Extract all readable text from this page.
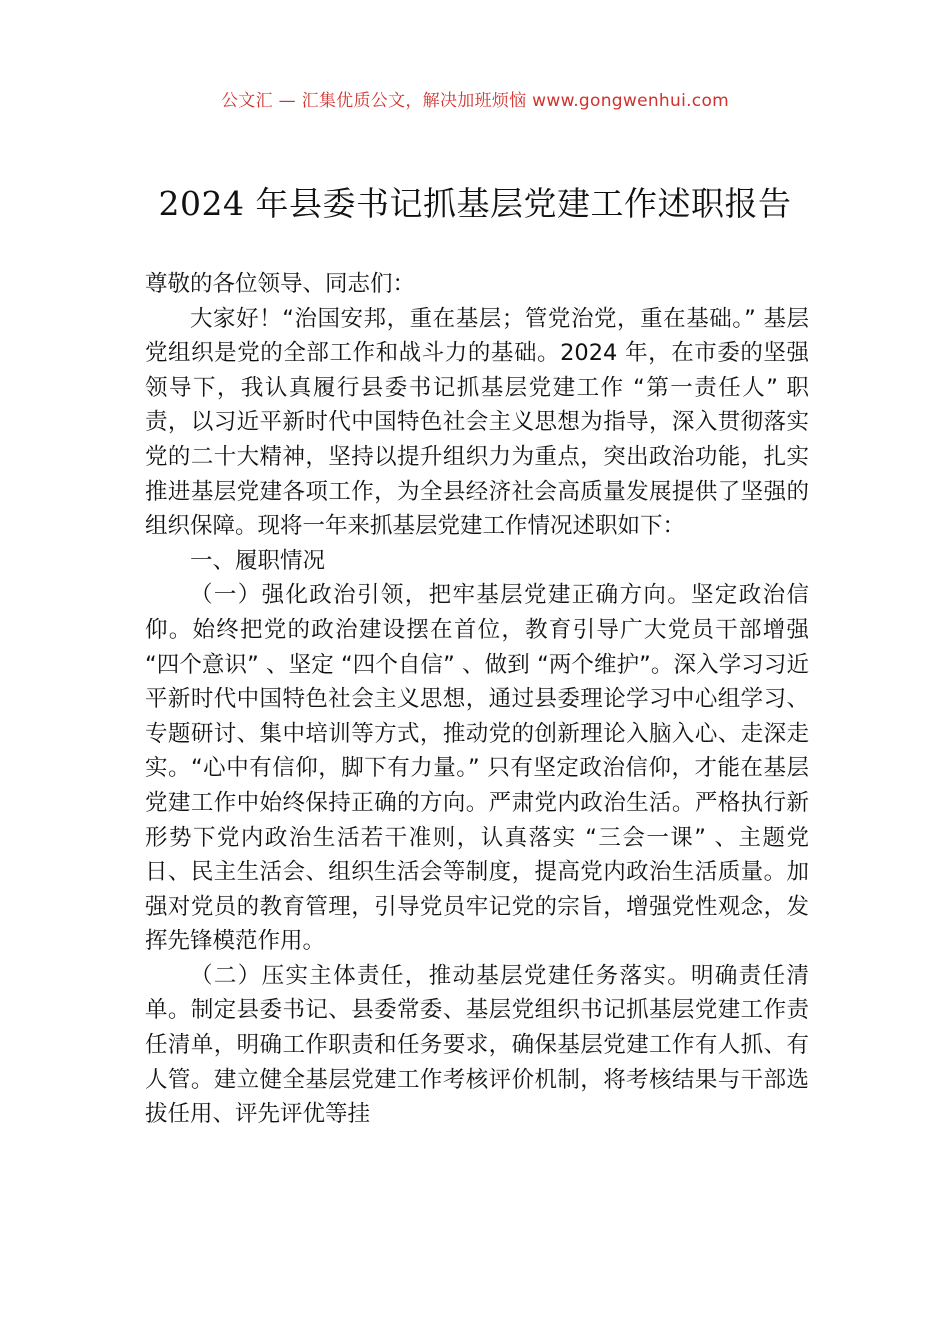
公文汇 — 汇集优质公文，解决加班烦恼 www.gongwenhui.com
2024 年县委书记抓基层党建工作述职报告

尊敬的各位领导、同志们：

大家好！“治国安邦，重在基层；管党治党，重在基础。” 基层党组织是党的全部工作和战斗力的基础。2024 年，在市委的坚强领导下，我认真履行县委书记抓基层党建工作 “第一责任人” 职责，以习近平新时代中国特色社会主义思想为指导，深入贯彻落实党的二十大精神，坚持以提升组织力为重点，突出政治功能，扎实推进基层党建各项工作，为全县经济社会高质量发展提供了坚强的组织保障。现将一年来抓基层党建工作情况述职如下：

一、履职情况

（一）强化政治引领，把牢基层党建正确方向。坚定政治信仰。始终把党的政治建设摆在首位，教育引导广大党员干部增强 “四个意识” 、坚定 “四个自信” 、做到 “两个维护”。深入学习习近平新时代中国特色社会主义思想，通过县委理论学习中心组学习、专题研讨、集中培训等方式，推动党的创新理论入脑入心、走深走实。“心中有信仰，脚下有力量。” 只有坚定政治信仰，才能在基层党建工作中始终保持正确的方向。严肃党内政治生活。严格执行新形势下党内政治生活若干准则，认真落实 “三会一课” 、主题党日、民主生活会、组织生活会等制度，提高党内政治生活质量。加强对党员的教育管理，引导党员牢记党的宗旨，增强党性观念，发挥先锋模范作用。

（二）压实主体责任，推动基层党建任务落实。明确责任清单。制定县委书记、县委常委、基层党组织书记抓基层党建工作责任清单，明确工作职责和任务要求，确保基层党建工作有人抓、有人管。建立健全基层党建工作考核评价机制，将考核结果与干部选拔任用、评先评优等挂
